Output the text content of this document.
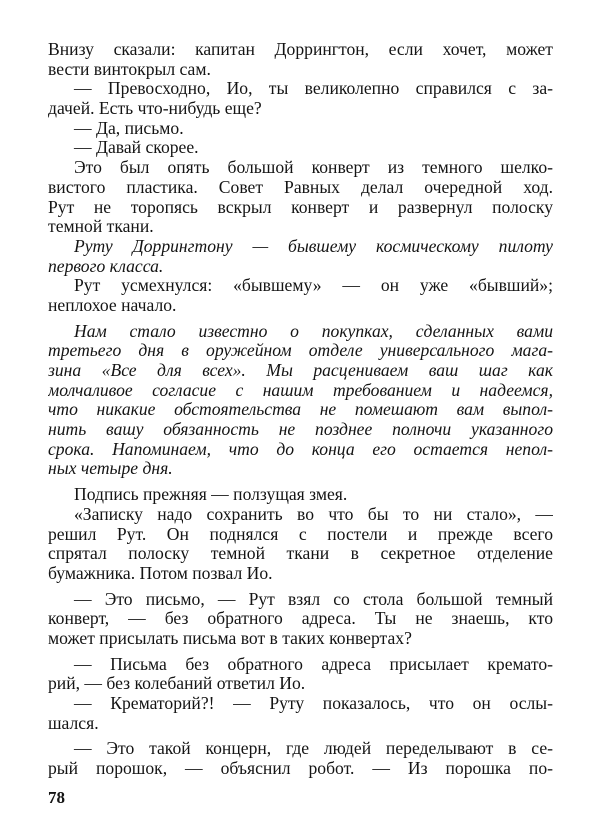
Внизу сказали: капитан Доррингтон, если хочет, может
вести винтокрыл сам.
— Превосходно, Ио, ты великолепно справился с за-
дачей. Есть что-нибудь еще?
— Да, письмо.
— Давай скорее.
Это был опять большой конверт из темного шелко-
вистого пластика. Совет Равных делал очередной ход.
Рут не торопясь вскрыл конверт и развернул полоску
темной ткани.
Руту Доррингтону — бывшему космическому пилоту
первого класса.
Рут усмехнулся: «бывшему» — он уже «бывший»;
неплохое начало.
Нам стало известно о покупках, сделанных вами
третьего дня в оружейном отделе универсального мага-
зина «Все для всех». Мы расцениваем ваш шаг как
молчаливое согласие с нашим требованием и надеемся,
что никакие обстоятельства не помешают вам выпол-
нить вашу обязанность не позднее полночи указанного
срока. Напоминаем, что до конца его остается непол-
ных четыре дня.
Подпись прежняя — ползущая змея.
«Записку надо сохранить во что бы то ни стало», —
решил Рут. Он поднялся с постели и прежде всего
спрятал полоску темной ткани в секретное отделение
бумажника. Потом позвал Ио.
— Это письмо, — Рут взял со стола большой темный
конверт, — без обратного адреса. Ты не знаешь, кто
может присылать письма вот в таких конвертах?
— Письма без обратного адреса присылает кремато-
рий, — без колебаний ответил Ио.
— Крематорий?! — Руту показалось, что он ослы-
шался.
— Это такой концерн, где людей переделывают в се-
рый порошок, — объяснил робот. — Из порошка по-
78
